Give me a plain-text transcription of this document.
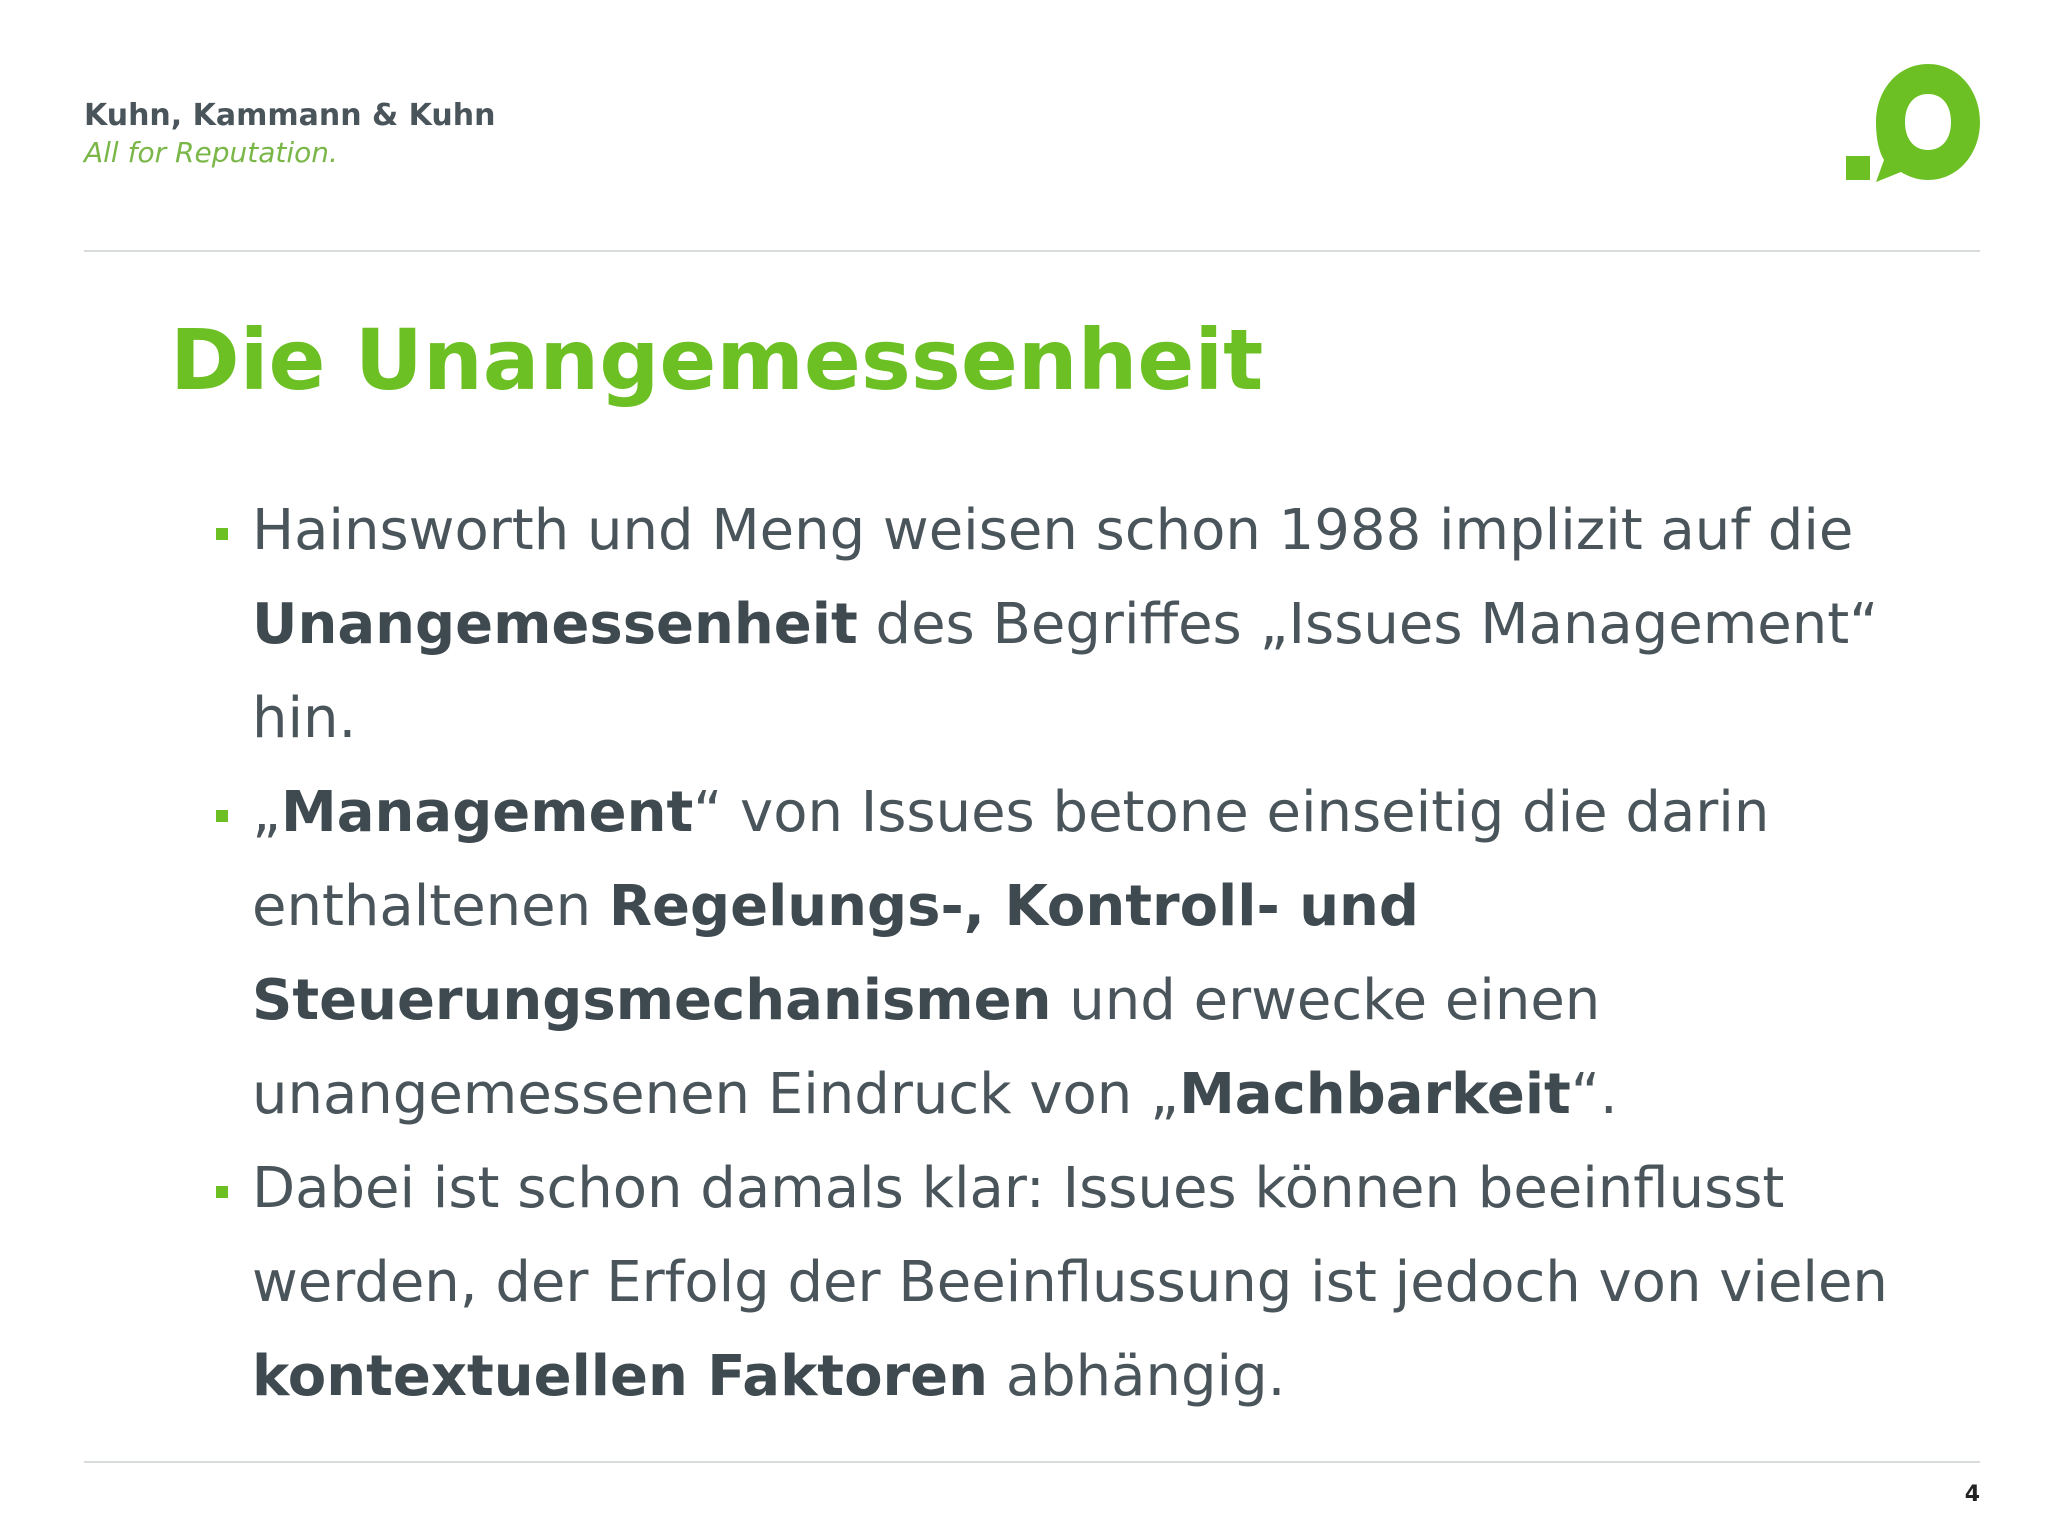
Kuhn, Kammann & Kuhn
All for Reputation.
Die Unangemessenheit
Hainsworth und Meng weisen schon 1988 implizit auf die Unangemessenheit des Begriffes „Issues Management“ hin.
„Management“ von Issues betone einseitig die darin enthaltenen Regelungs-, Kontroll- und Steuerungsmechanismen und erwecke einen unangemessenen Eindruck von „Machbarkeit“.
Dabei ist schon damals klar: Issues können beeinflusst werden, der Erfolg der Beeinflussung ist jedoch von vielen kontextuellen Faktoren abhängig.
4
